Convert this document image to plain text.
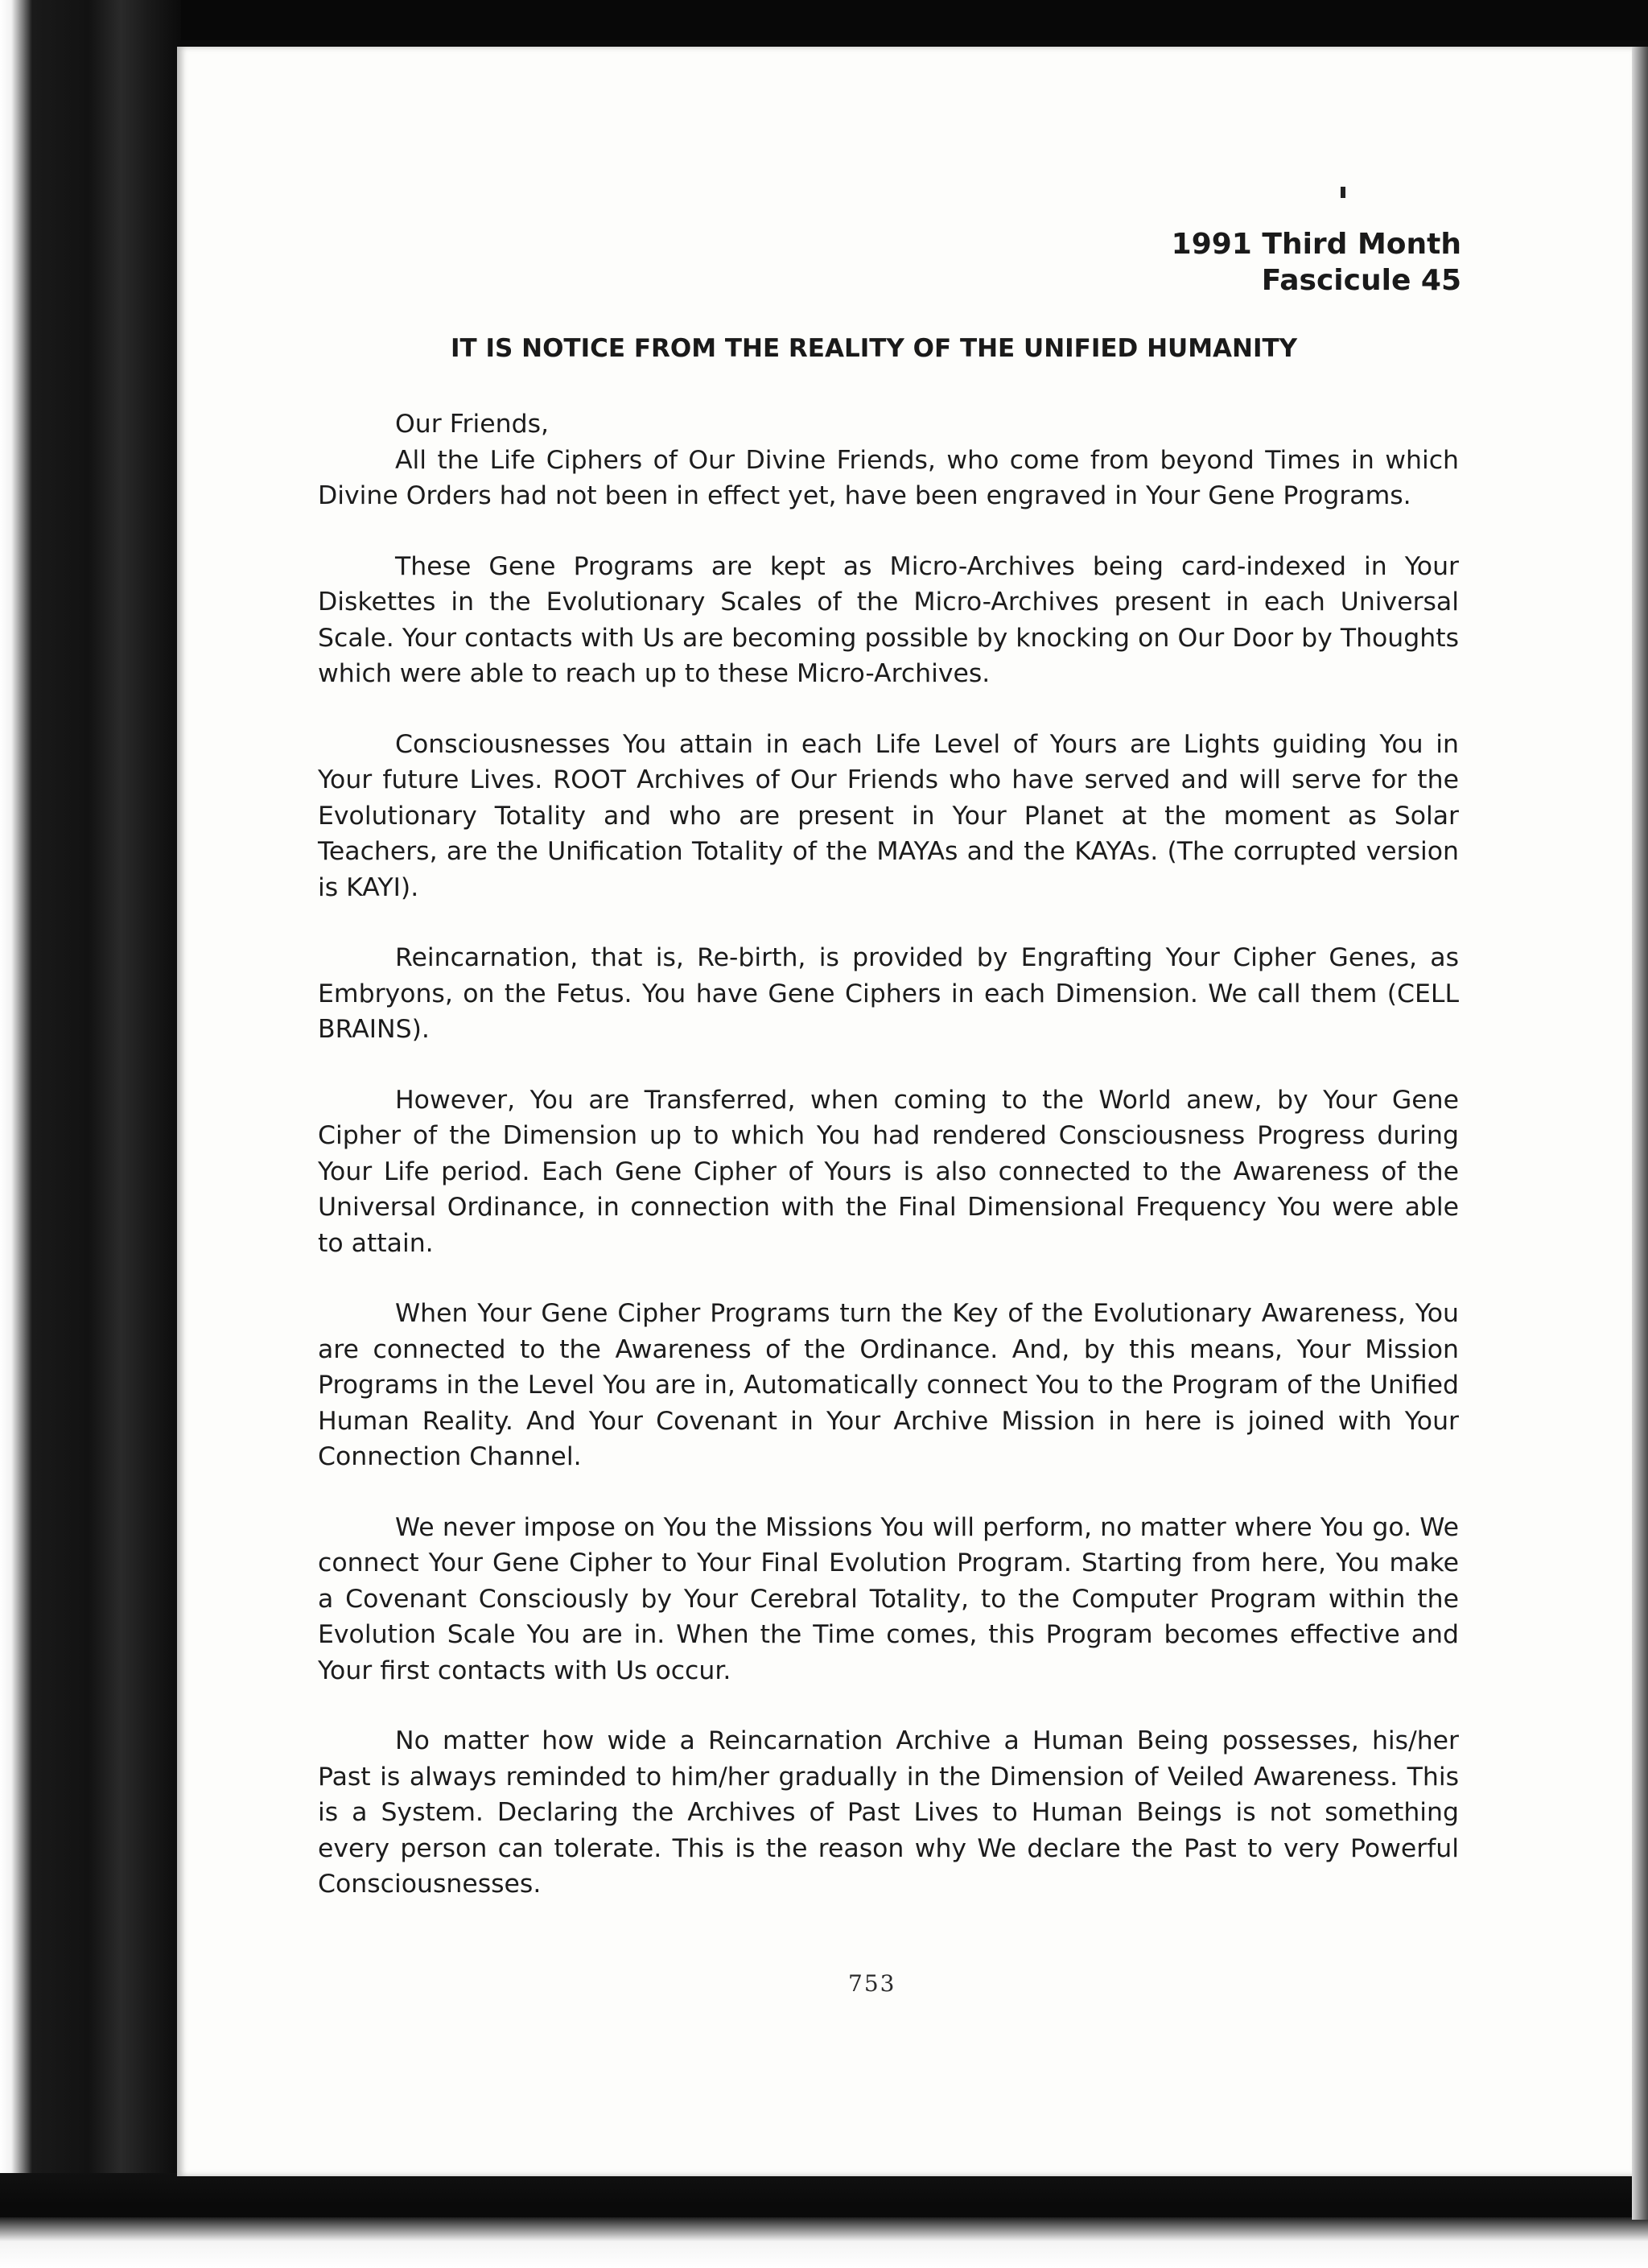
1991 Third Month
Fascicule 45
IT IS NOTICE FROM THE REALITY OF THE UNIFIED HUMANITY
Our Friends,

All the Life Ciphers of Our Divine Friends, who come from beyond Times in which Divine Orders had not been in effect yet, have been engraved in Your Gene Programs.

These Gene Programs are kept as Micro-Archives being card-indexed in Your Diskettes in the Evolutionary Scales of the Micro-Archives present in each Universal Scale. Your contacts with Us are becoming possible by knocking on Our Door by Thoughts which were able to reach up to these Micro-Archives.

Consciousnesses You attain in each Life Level of Yours are Lights guiding You in Your future Lives. ROOT Archives of Our Friends who have served and will serve for the Evolutionary Totality and who are present in Your Planet at the moment as Solar Teachers, are the Unification Totality of the MAYAs and the KAYAs. (The corrupted version is KAYI).

Reincarnation, that is, Re-birth, is provided by Engrafting Your Cipher Genes, as Embryons, on the Fetus. You have Gene Ciphers in each Dimension. We call them (CELL BRAINS).

However, You are Transferred, when coming to the World anew, by Your Gene Cipher of the Dimension up to which You had rendered Consciousness Progress during Your Life period. Each Gene Cipher of Yours is also connected to the Awareness of the Universal Ordinance, in connection with the Final Dimensional Frequency You were able to attain.

When Your Gene Cipher Programs turn the Key of the Evolutionary Awareness, You are connected to the Awareness of the Ordinance. And, by this means, Your Mission Programs in the Level You are in, Automatically connect You to the Program of the Unified Human Reality. And Your Covenant in Your Archive Mission in here is joined with Your Connection Channel.

We never impose on You the Missions You will perform, no matter where You go. We connect Your Gene Cipher to Your Final Evolution Program. Starting from here, You make a Covenant Consciously by Your Cerebral Totality, to the Computer Program within the Evolution Scale You are in. When the Time comes, this Program becomes effective and Your first contacts with Us occur.

No matter how wide a Reincarnation Archive a Human Being possesses, his/her Past is always reminded to him/her gradually in the Dimension of Veiled Awareness. This is a System. Declaring the Archives of Past Lives to Human Beings is not something every person can tolerate. This is the reason why We declare the Past to very Powerful Consciousnesses.

753
